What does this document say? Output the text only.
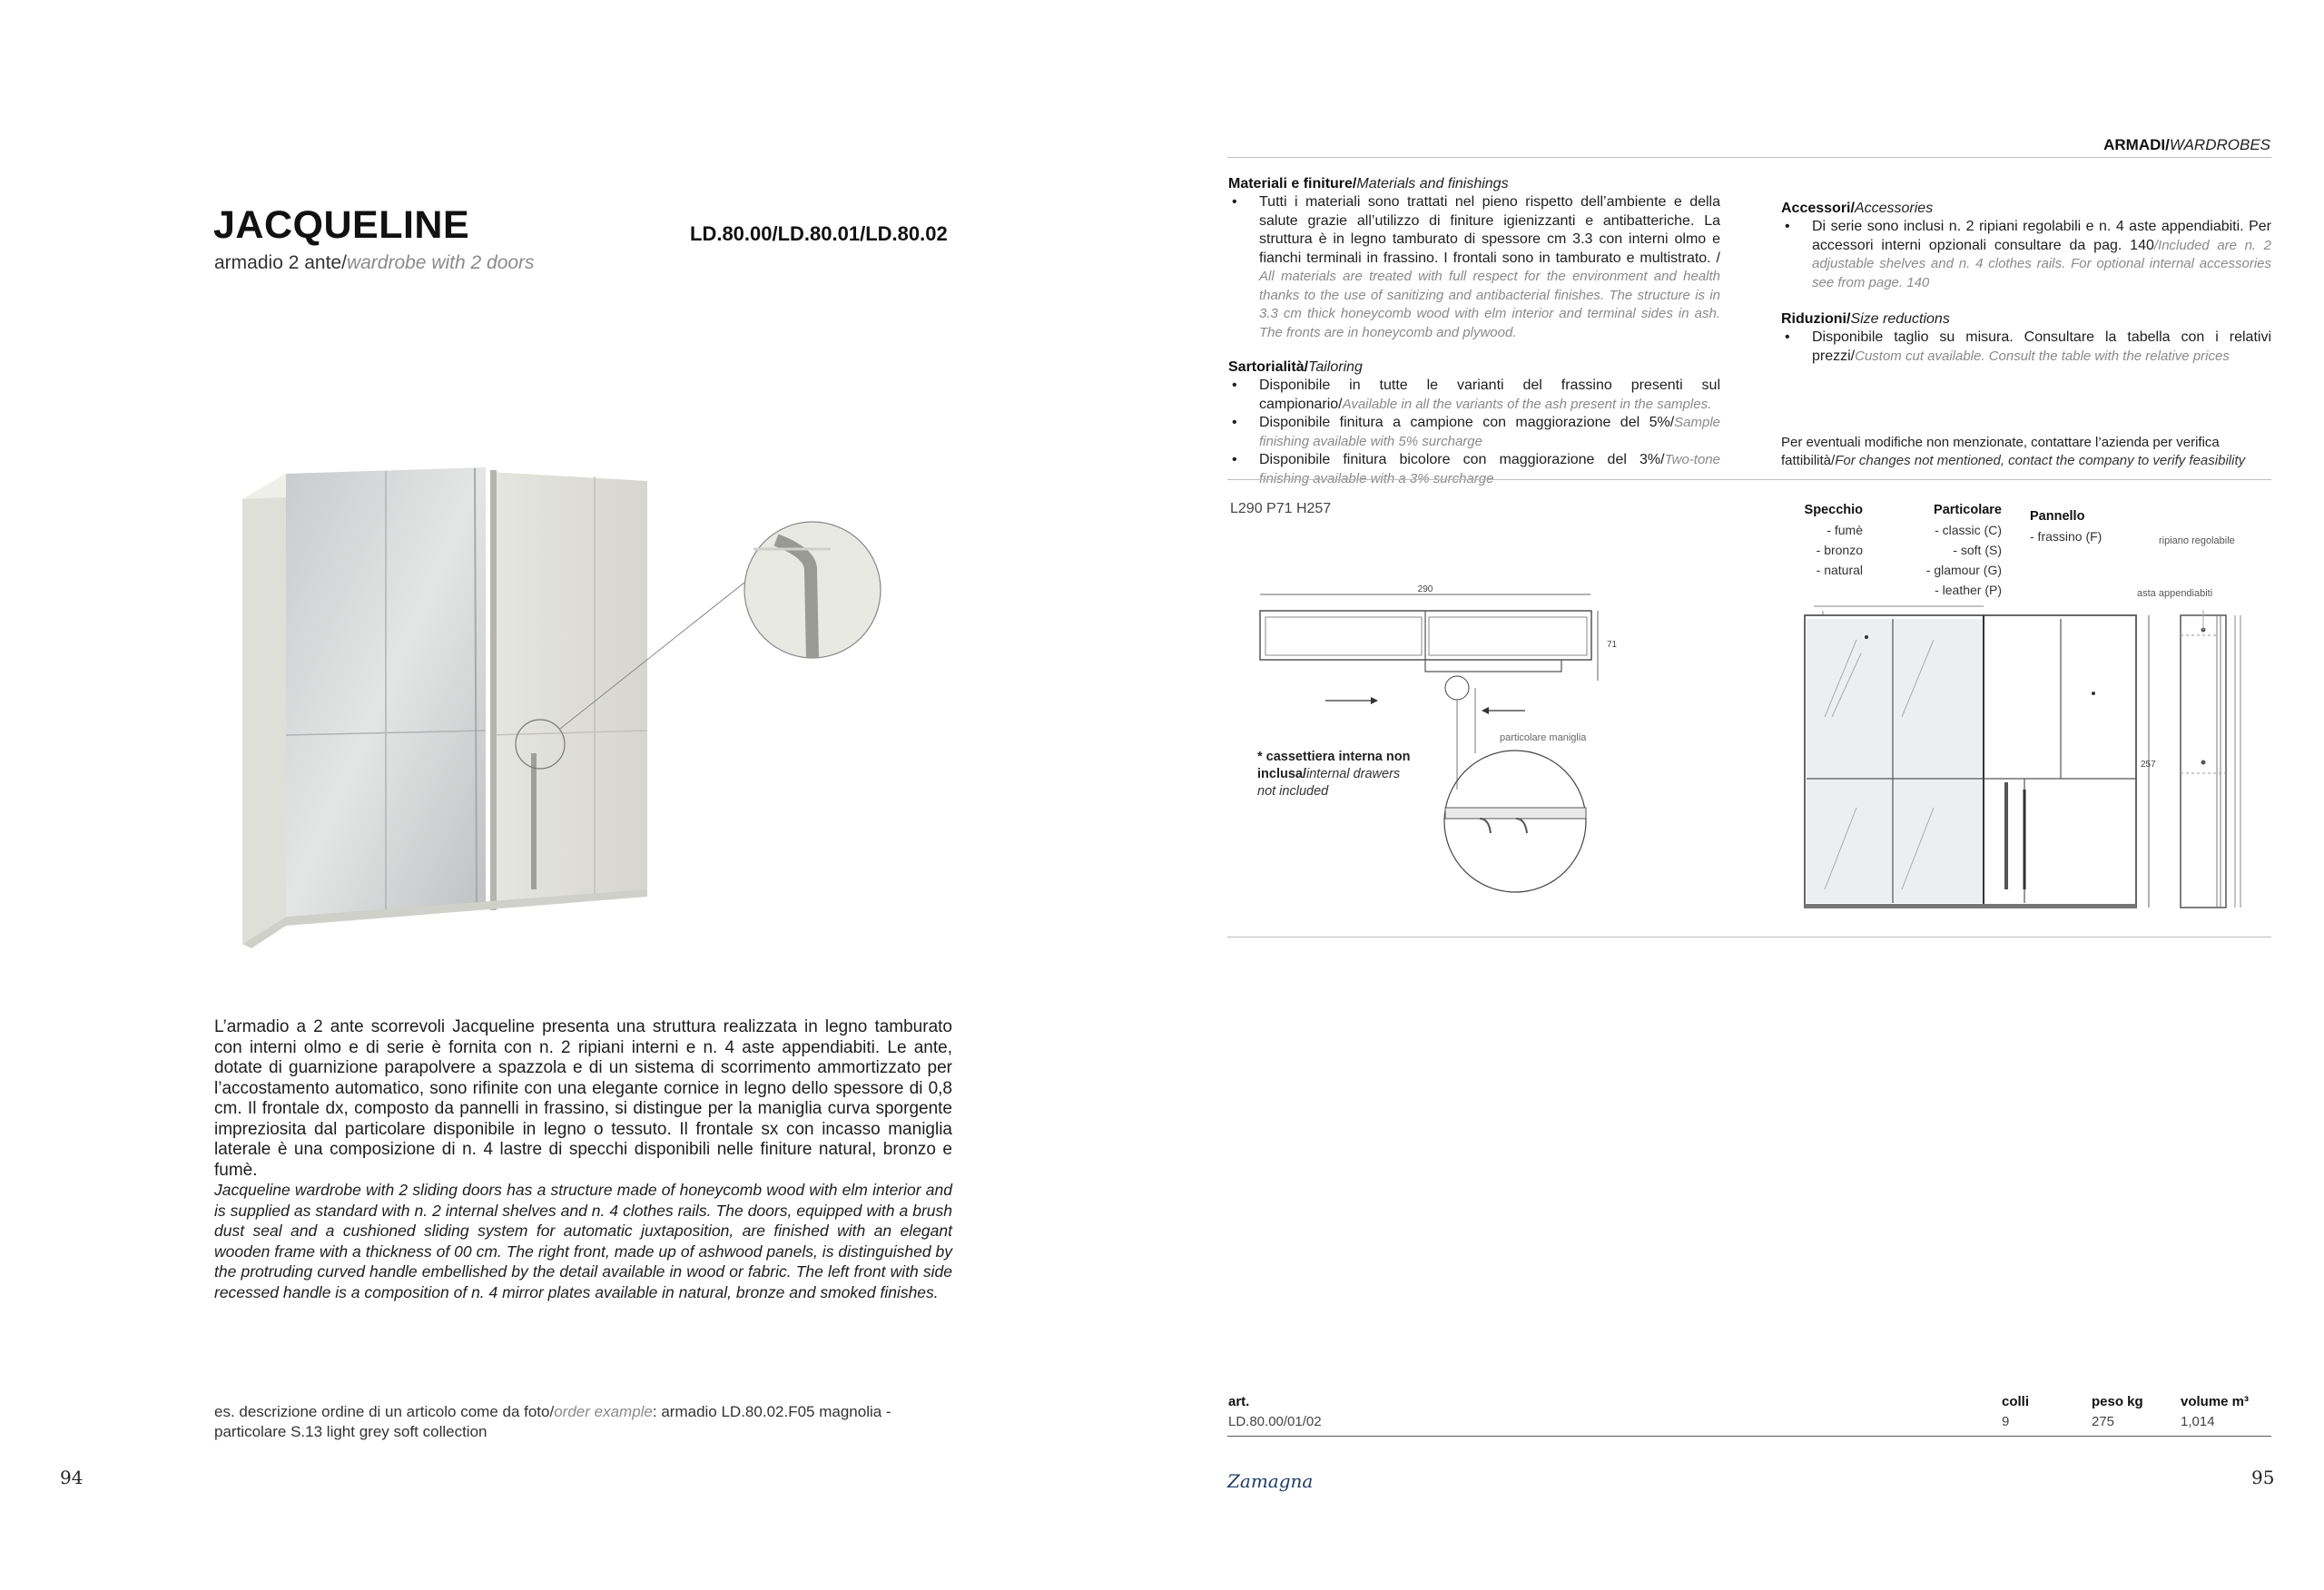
JACQUELINE	LD.80.00/LD.80.01/LD.80.02
armadio 2 ante/wardrobe with 2 doors
L’armadio a 2 ante scorrevoli Jacqueline presenta una struttura realizzata in legno tamburato con interni olmo e di serie è fornita con n. 2 ripiani interni e n. 4 aste appendiabiti. Le ante, dotate di guarnizione parapolvere a spazzola e di un sistema di scorrimento ammortizzato per l’accostamento automatico, sono rifinite con una elegante cornice in legno dello spessore di 0,8 cm. Il frontale dx, composto da pannelli in frassino, si distingue per la maniglia curva sporgente impreziosita dal particolare disponibile in legno o tessuto. Il frontale sx con incasso maniglia laterale è una composizione di n. 4 lastre di specchi disponibili nelle finiture natural, bronzo e fumè.
Jacqueline wardrobe with 2 sliding doors has a structure made of honeycomb wood with elm interior and is supplied as standard with n. 2 internal shelves and n. 4 clothes rails. The doors, equipped with a brush dust seal and a cushioned sliding system for automatic juxtaposition, are finished with an elegant wooden frame with a thickness of 00 cm. The right front, made up of ashwood panels, is distinguished by the protruding curved handle embellished by the detail available in wood or fabric. The left front with side recessed handle is a composition of n. 4 mirror plates available in natural, bronze and smoked finishes.
es. descrizione ordine di un articolo come da foto/order example: armadio LD.80.02.F05 magnolia - particolare S.13 light grey soft collection
94
ARMADI/WARDROBES
Materiali e finiture/Materials and finishings
• Tutti i materiali sono trattati nel pieno rispetto dell’ambiente e della salute grazie all’utilizzo di finiture igienizzanti e antibatteriche. La struttura è in legno tamburato di spessore cm 3.3 con interni olmo e fianchi terminali in frassino. I frontali sono in tamburato e multistrato. / All materials are treated with full respect for the environment and health thanks to the use of sanitizing and antibacterial finishes. The structure is in 3.3 cm thick honeycomb wood with elm interior and terminal sides in ash. The fronts are in honeycomb and plywood.
Sartorialità/Tailoring
• Disponibile in tutte le varianti del frassino presenti sul campionario/Available in all the variants of the ash present in the samples.
• Disponibile finitura a campione con maggiorazione del 5%/Sample finishing available with 5% surcharge
• Disponibile finitura bicolore con maggiorazione del 3%/Two-tone finishing available with a 3% surcharge
Accessori/Accessories
• Di serie sono inclusi n. 2 ripiani regolabili e n. 4 aste appendiabiti. Per accessori interni opzionali consultare da pag. 140/Included are n. 2 adjustable shelves and n. 4 clothes rails. For optional internal accessories see from page. 140
Riduzioni/Size reductions
• Disponibile taglio su misura. Consultare la tabella con i relativi prezzi/Custom cut available. Consult the table with the relative prices
Per eventuali modifiche non menzionate, contattare l’azienda per verifica fattibilità/For changes not mentioned, contact the company to verify feasibility
L290 P71 H257
290
71
particolare maniglia
* cassettiera interna non inclusa/internal drawers not included
Specchio
- fumè
- bronzo
- natural
Particolare
- classic (C)
- soft (S)
- glamour (G)
- leather (P)
Pannello
- frassino (F)
257
ripiano regolabile
asta appendiabiti
art.	colli	peso kg	volume m³
LD.80.00/01/02	9	275	1,014
Zamagna	95
